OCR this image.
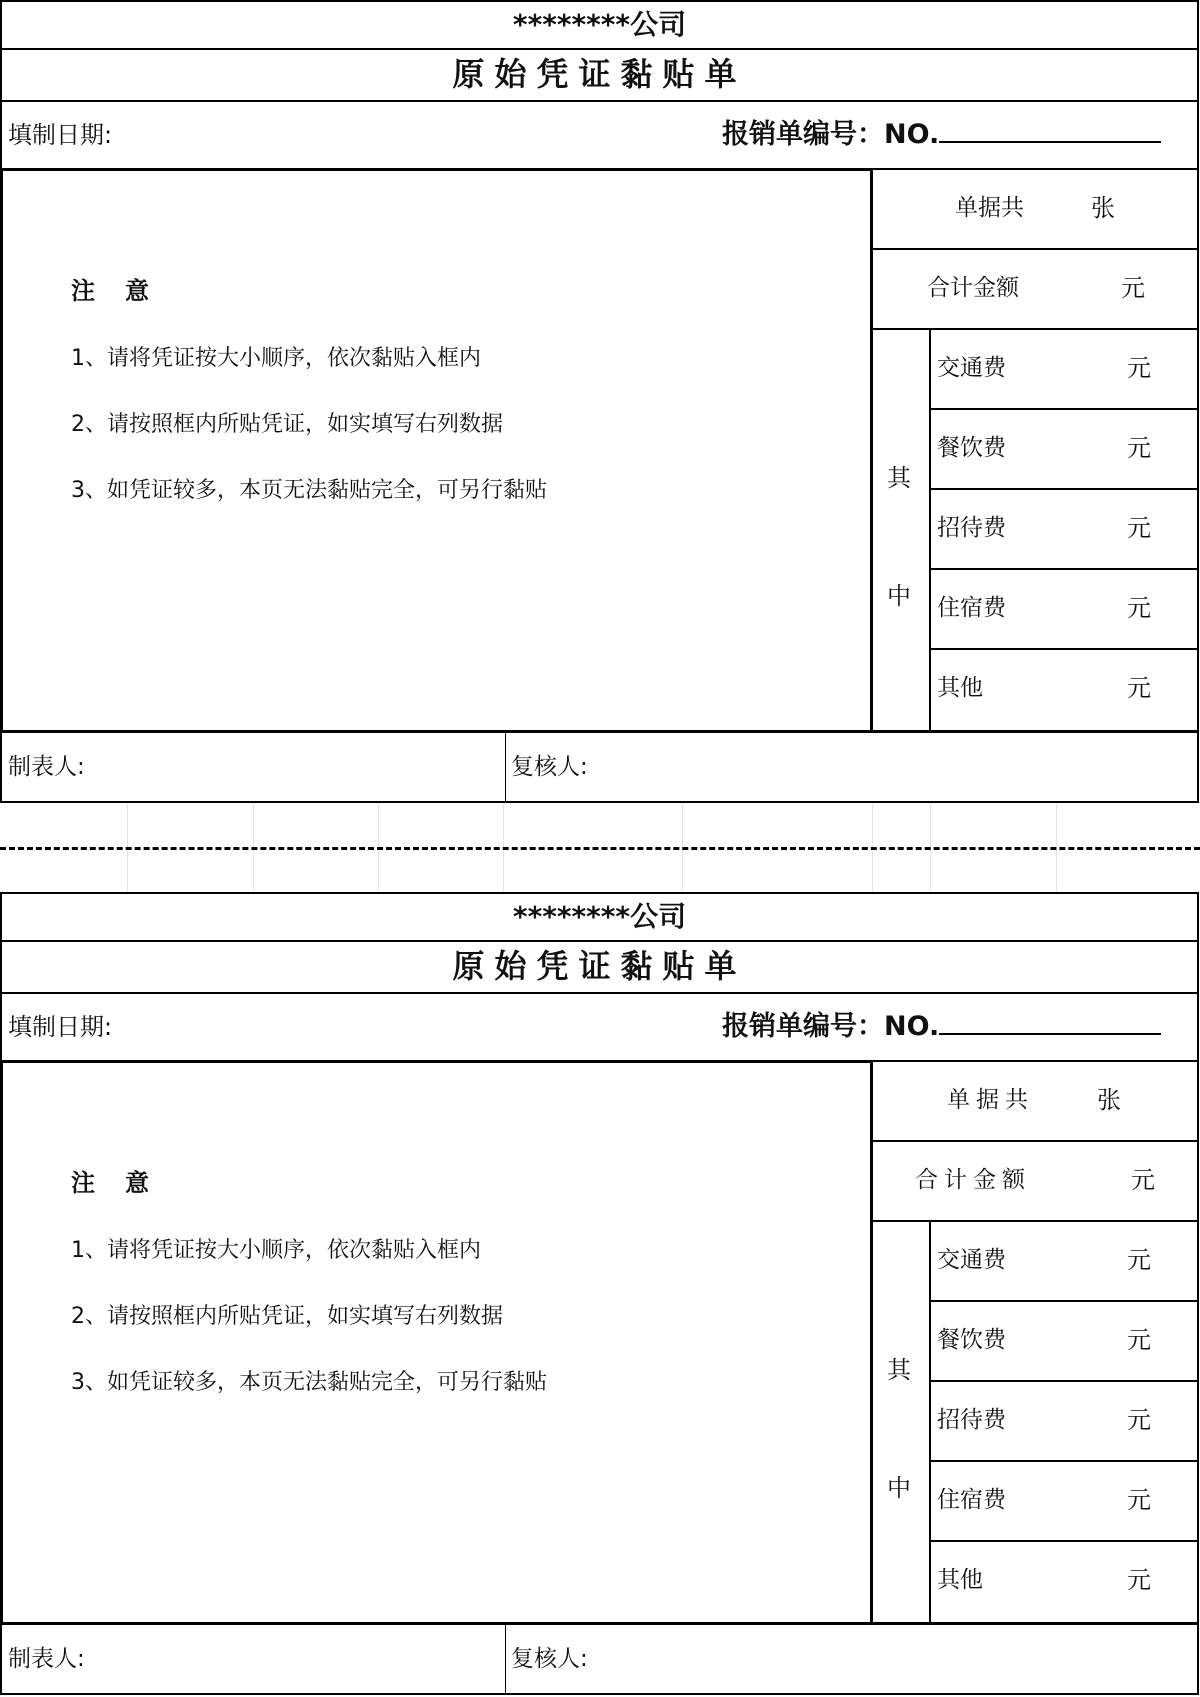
********公司
原始凭证黏贴单
填制日期:	报销单编号：NO.
注意
1、请将凭证按大小顺序，依次黏贴入框内
2、请按照框内所贴凭证，如实填写右列数据
3、如凭证较多，本页无法黏贴完全，可另行黏贴
单据共	张
合计金额	元
其
中
交通费	元
餐饮费	元
招待费	元
住宿费	元
其他	元
制表人:	复核人:
********公司
原始凭证黏贴单
填制日期:	报销单编号：NO.
注意
1、请将凭证按大小顺序，依次黏贴入框内
2、请按照框内所贴凭证，如实填写右列数据
3、如凭证较多，本页无法黏贴完全，可另行黏贴
单据共	张
合计金额	元
其
中
交通费	元
餐饮费	元
招待费	元
住宿费	元
其他	元
制表人:	复核人:
